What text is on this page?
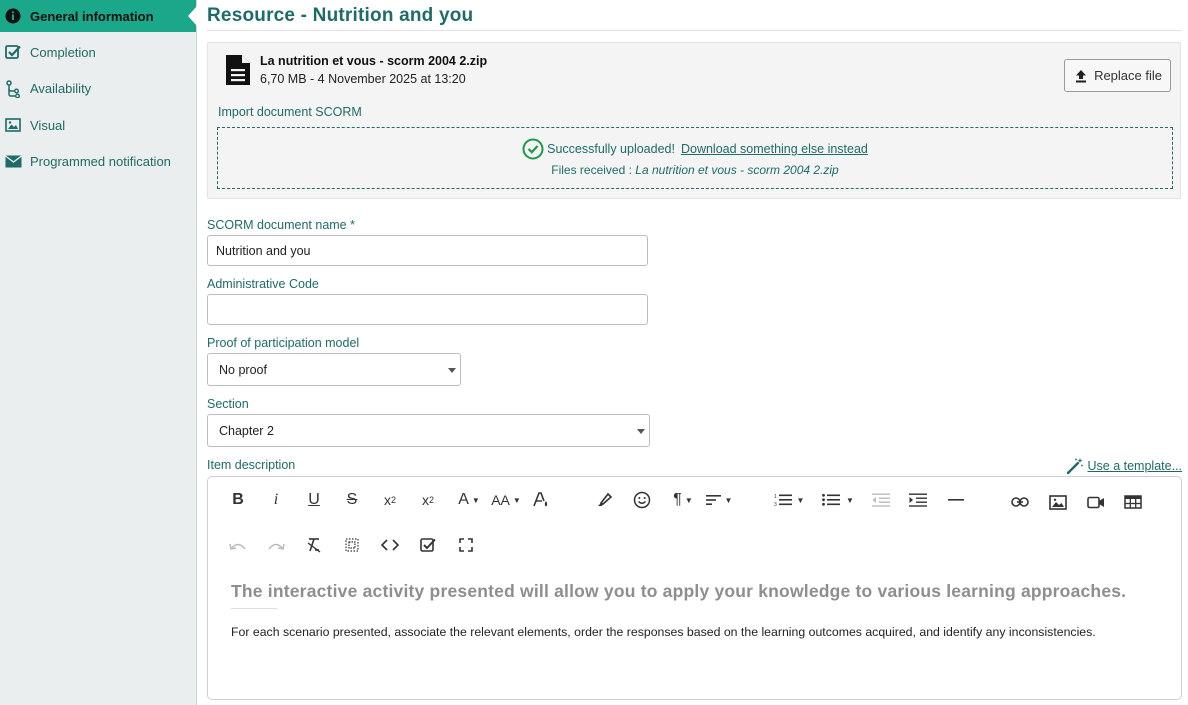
General information
Completion
Availability
Visual
Programmed notification
Resource - Nutrition and you
La nutrition et vous - scorm 2004 2.zip
6,70 MB - 4 November 2025 at 13:20	Replace file
Import document SCORM
Successfully uploaded! Download something else instead
Files received : La nutrition et vous - scorm 2004 2.zip
SCORM document name *
Nutrition and you
Administrative Code
Proof of participation model
No proof
Section
Chapter 2
Item description	Use a template...
B i U S x 2 x 2 A ▼ AA ▼	¶ ▼	▼	1
3
▼	▼
The interactive activity presented will allow you to apply your knowledge to various learning approaches.

For each scenario presented, associate the relevant elements, order the responses based on the learning outcomes acquired, and identify any inconsistencies.
